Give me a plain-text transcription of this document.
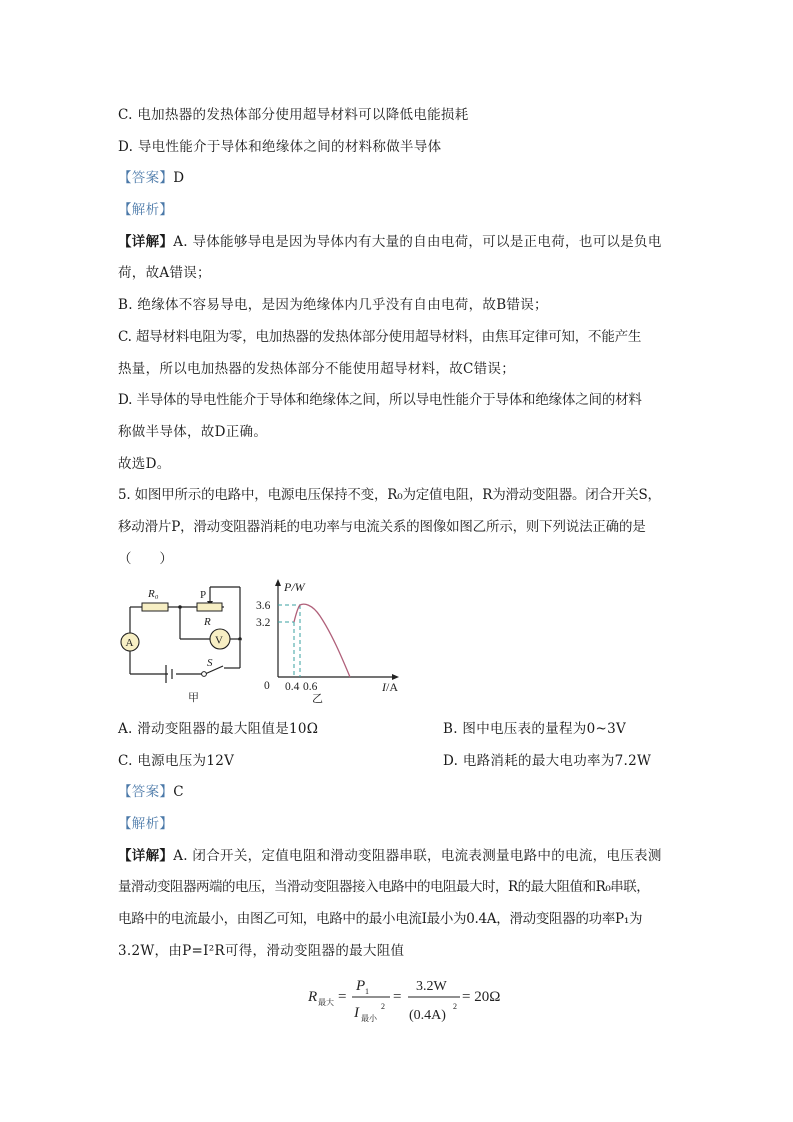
C. 电加热器的发热体部分使用超导材料可以降低电能损耗
D. 导电性能介于导体和绝缘体之间的材料称做半导体
【答案】D
【解析】
【详解】A. 导体能够导电是因为导体内有大量的自由电荷，可以是正电荷，也可以是负电
荷，故A错误；
B. 绝缘体不容易导电，是因为绝缘体内几乎没有自由电荷，故B错误；
C. 超导材料电阻为零，电加热器的发热体部分使用超导材料，由焦耳定律可知，不能产生
热量，所以电加热器的发热体部分不能使用超导材料，故C错误；
D. 半导体的导电性能介于导体和绝缘体之间，所以导电性能介于导体和绝缘体之间的材料
称做半导体，故D正确。
故选D。
5. 如图甲所示的电路中，电源电压保持不变，R₀为定值电阻，R为滑动变阻器。闭合开关S，
移动滑片P，滑动变阻器消耗的电功率与电流关系的图像如图乙所示，则下列说法正确的是
（　　）
R₀	P
R
A	V
S
甲
P/W
3.6
3.2
0 0.4 0.6	I/A
乙
A. 滑动变阻器的最大阻值是10Ω	B. 图中电压表的量程为0~3V
C. 电源电压为12V	D. 电路消耗的最大电功率为7.2W
【答案】C
【解析】
【详解】A. 闭合开关，定值电阻和滑动变阻器串联，电流表测量电路中的电流，电压表测
量滑动变阻器两端的电压，当滑动变阻器接入电路中的电阻最大时，R的最大阻值和R₀串联，
电路中的电流最小，由图乙可知，电路中的最小电流I最小为0.4A，滑动变阻器的功率P₁为
3.2W，由P=I²R可得，滑动变阻器的最大阻值
R 最大 =
P 1
I 最小
2
=
3.2W
(0.4A)
2
= 20Ω
